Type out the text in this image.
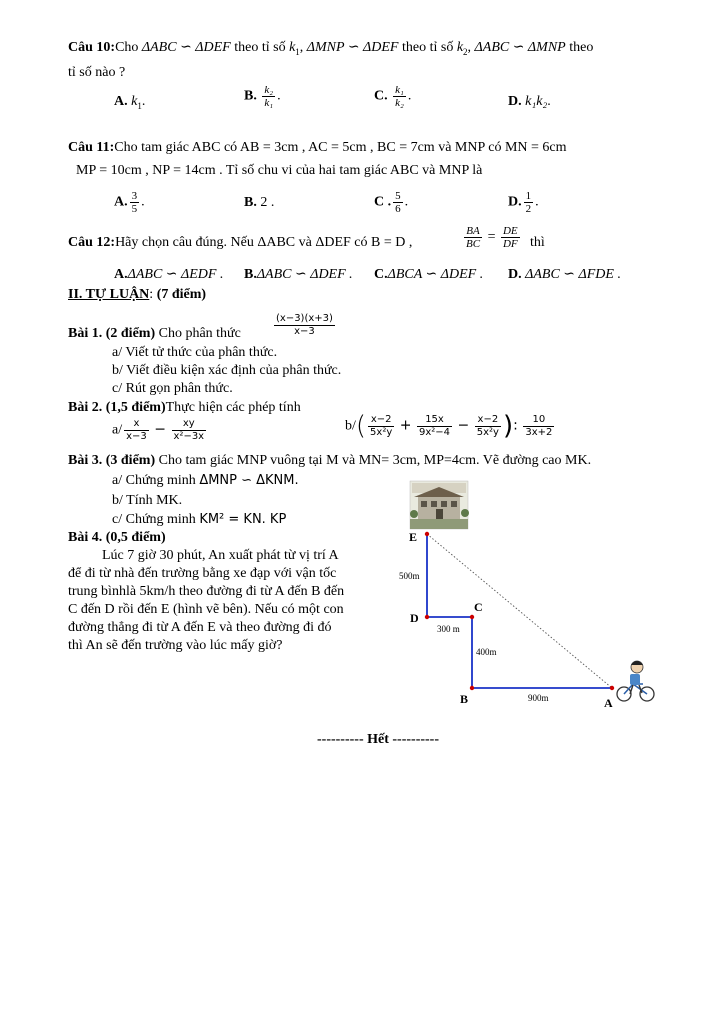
Câu 10:Cho ΔABC ∽ ΔDEF theo tỉ số $k_1$, ΔMNP ∽ ΔDEF theo tỉ số $k_2$, ΔABC ∽ ΔMNP theo
tỉ số nào ?
A. $k_1$.	B. $\frac{\text{k₂}}{\text{k₁}}$ .	C. $\frac{\text{k₁}}{\text{k₂}}$ .	D. k₁k₂.
Câu 11:Cho tam giác ABC có AB = 3cm , AC = 5cm , BC = 7cm và MNP có MN = 6cm
MP = 10cm , NP = 14cm . Tỉ số chu vi của hai tam giác ABC và MNP là
A. $\frac{3}{5}$ .	B. 2 .	C . $\frac{5}{6}$ .	D. $\frac{1}{2}$ .
Câu 12:Hãy chọn câu đúng. Nếu ΔABC và ΔDEF có B = D ,	$\frac{BA}{BC} = \frac{DE}{DF}$ thì
A.ΔABC ∽ ΔEDF . B.ΔABC ∽ ΔDEF . C.ΔBCA ∽ ΔDEF . D. ΔABC ∽ ΔFDE .
II. TỰ LUẬN: (7 điểm)
Bài 1. (2 điểm) Cho phân thức	$\frac{(x-3)(x+3)}{x-3}$
a/ Viết tử thức của phân thức.
b/ Viết điều kiện xác định của phân thức.
c/ Rút gọn phân thức.
Bài 2. (1,5 điểm)Thực hiện các phép tính
$a/ \frac{x}{x-3} - \frac{xy}{\text{x²−3x}}$	$b/( \frac{x-2}{\text{5x²y}} + \frac{15x}{\text{9x²−4}} - \frac{x-2}{\text{5x²y}}$ ): $\frac{10}{3x+2}$
Bài 3. (3 điểm) Cho tam giác MNP vuông tại M và MN= 3cm, MP=4cm. Vẽ đường cao MK.
a/ Chứng minh ΔMNP ∽ ΔKNM.
b/ Tính MK.
c/ Chứng minh KM² = KN. KP
Bài 4. (0,5 điểm)
Lúc 7 giờ 30 phút, An xuất phát từ vị trí A
để đi từ nhà đến trường bằng xe đạp với vận tốc
trung bìnhlà 5km/h theo đường đi từ A đến B đến
C đến D rồi đến E (hình vẽ bên). Nếu có một con
đường thẳng đi từ A đến E và theo đường đi đó
thì An sẽ đến trường vào lúc mấy giờ?
E
D
C
B	A
500m
300 m
400m
900m
---------- Hết ----------
